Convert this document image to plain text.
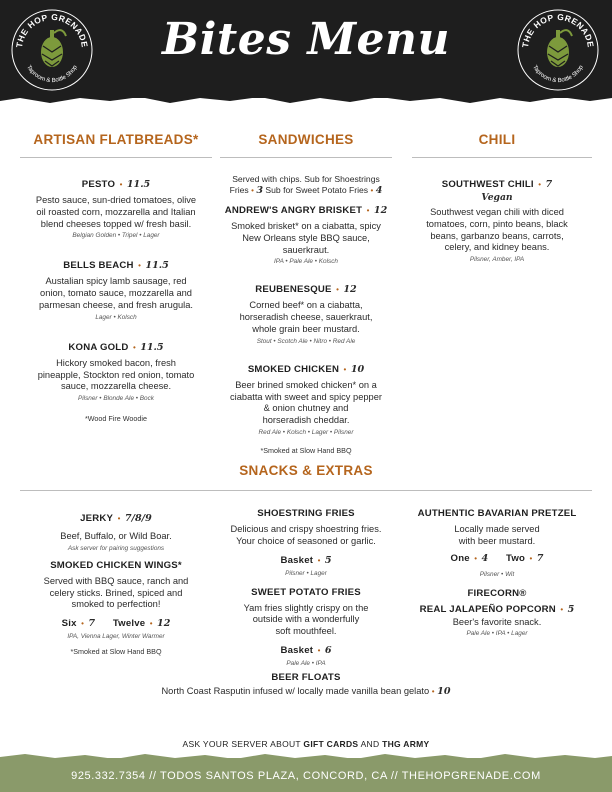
THE HOP GRENADE
Taproom & Bottle Shop
THE HOP GRENADE
Taproom & Bottle Shop
Bites Menu
ARTISAN FLATBREADS*	SANDWICHES	CHILI
PESTO • 11.5
Pesto sauce, sun-dried tomatoes, olive
oil roasted corn, mozzarella and Italian
blend cheeses topped w/ fresh basil.
Belgian Golden • Tripel • Lager
BELLS BEACH • 11.5
Austalian spicy lamb sausage, red
onion, tomato sauce, mozzarella and
parmesan cheese, and fresh arugula.
Lager • Kolsch
KONA GOLD • 11.5
Hickory smoked bacon, fresh
pineapple, Stockton red onion, tomato
sauce, mozzarella cheese.
Pilsner • Blonde Ale • Bock
*Wood Fire Woodie
Served with chips. Sub for Shoestrings
Fries • 3 Sub for Sweet Potato Fries • 4
ANDREW'S ANGRY BRISKET • 12
Smoked brisket* on a ciabatta, spicy
New Orleans style BBQ sauce,
sauerkraut.
IPA • Pale Ale • Kolsch
REUBENESQUE • 12
Corned beef* on a ciabatta,
horseradish cheese, sauerkraut,
whole grain beer mustard.
Stout • Scotch Ale • Nitro • Red Ale
SMOKED CHICKEN • 10
Beer brined smoked chicken* on a
ciabatta with sweet and spicy pepper
& onion chutney and
horseradish cheddar.
Red Ale • Kolsch • Lager • Pilsner
*Smoked at Slow Hand BBQ
SOUTHWEST CHILI • 7
Vegan
Southwest vegan chili with diced
tomatoes, corn, pinto beans, black
beans, garbanzo beans, carrots,
celery, and kidney beans.
Pilsner, Amber, IPA
SNACKS & EXTRAS
JERKY • 7/8/9
Beef, Buffalo, or Wild Boar.
Ask server for pairing suggestions
SMOKED CHICKEN WINGS*
Served with BBQ sauce, ranch and
celery sticks. Brined, spiced and
smoked to perfection!
Six • 7 Twelve • 12
IPA, Vienna Lager, Winter Warmer
*Smoked at Slow Hand BBQ
SHOESTRING FRIES
Delicious and crispy shoestring fries.
Your choice of seasoned or garlic.
Basket • 5
Pilsner • Lager
SWEET POTATO FRIES
Yam fries slightly crispy on the
outside with a wonderfully
soft mouthfeel.
Basket • 6
Pale Ale • IPA
AUTHENTIC BAVARIAN PRETZEL
Locally made served
with beer mustard.
One • 4 Two • 7
Pilsner • Wit
FIRECORN®
REAL JALAPEÑO POPCORN • 5
Beer's favorite snack.
Pale Ale • IPA • Lager
BEER FLOATS
North Coast Rasputin infused w/ locally made vanilla bean gelato • 10
ASK YOUR SERVER ABOUT GIFT CARDS AND THG ARMY
925.332.7354 // TODOS SANTOS PLAZA, CONCORD, CA // THEHOPGRENADE.COM
